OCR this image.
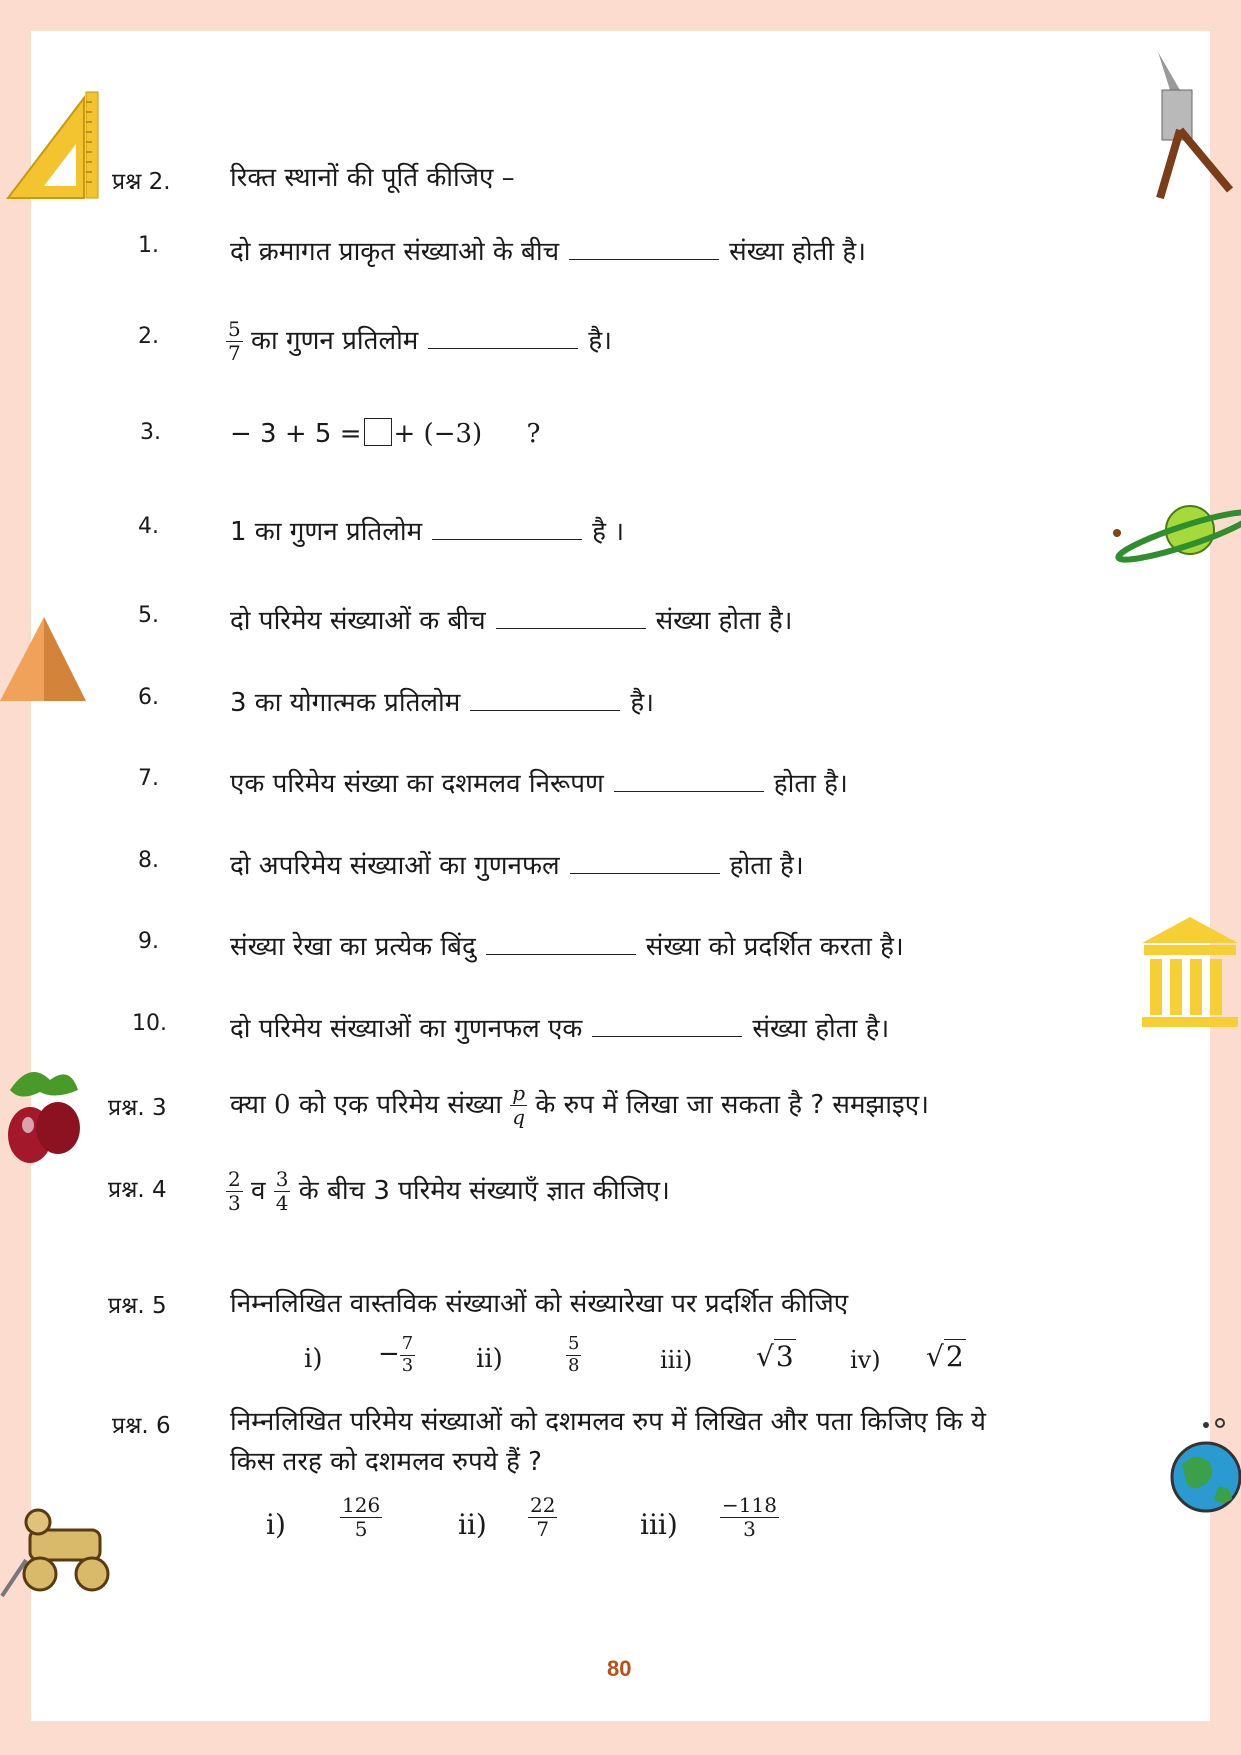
प्रश्न 2. रिक्त स्थानों की पूर्ति कीजिए –
1.	दो क्रमागत प्राकृत संख्याओ के बीच	संख्या होती है।
2.	$\frac{5}{7}$ का गुणन प्रतिलोम	है।
3.	− 3 + 5 = + (−3) ?
4.	1 का गुणन प्रतिलोम	है ।
5.	दो परिमेय संख्याओं क बीच	संख्या होता है।
6.	3 का योगात्मक प्रतिलोम	है।
7.	एक परिमेय संख्या का दशमलव निरूपण	होता है।
8.	दो अपरिमेय संख्याओं का गुणनफल	होता है।
9.	संख्या रेखा का प्रत्येक बिंदु	संख्या को प्रदर्शित करता है।
10. दो परिमेय संख्याओं का गुणनफल एक	संख्या होता है।
प्रश्न. 3 क्या 0 को एक परिमेय संख्या $\frac{p}{q}$ के रुप में लिखा जा सकता है ? समझाइए।
प्रश्न. 4	$\frac{2}{3}$ व $\frac{3}{4}$ के बीच 3 परिमेय संख्याएँ ज्ञात कीजिए।
प्रश्न. 5 निम्नलिखित वास्तविक संख्याओं को संख्यारेखा पर प्रदर्शित कीजिए
$i) - \frac{7}{3} ii$)	$\frac{5}{8}$	iii) √3 iv) √2
प्रश्न. 6 निम्नलिखित परिमेय संख्याओं को दशमलव रुप में लिखित और पता किजिए कि ये
किस तरह को दशमलव रुपये हैं ?
i)	$\frac{126}{5}$	$ii) \frac{22}{7}$	$iii) \frac{-118}{3}$
80
